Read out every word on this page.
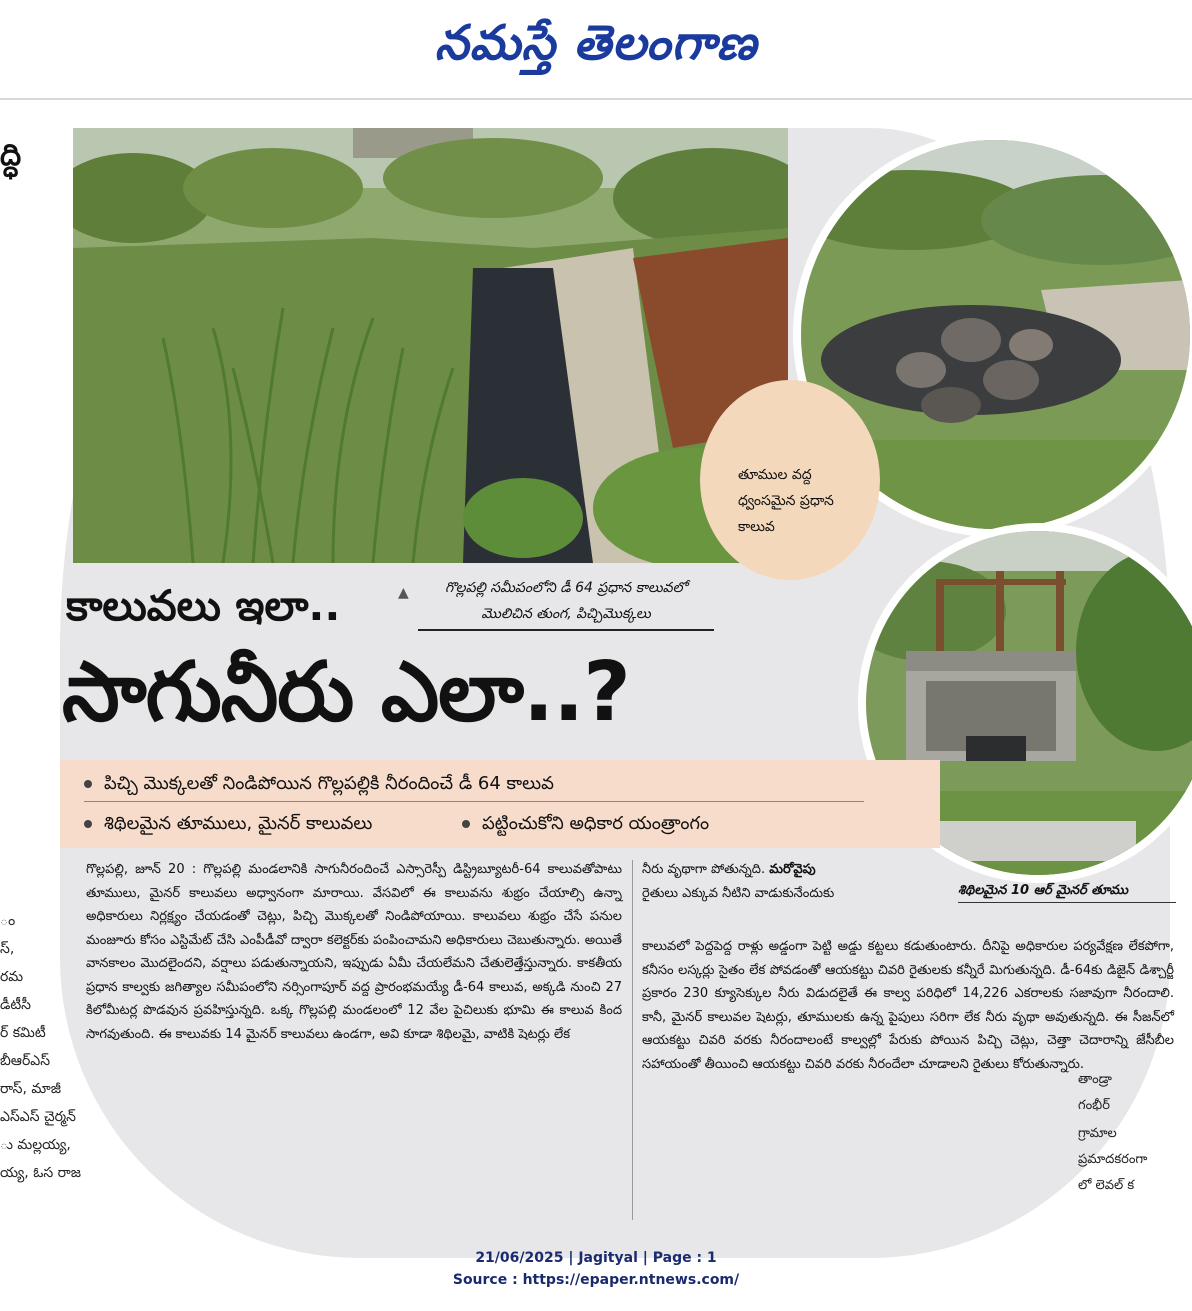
నమస్తే తెలంగాణ
ద్ధి
ం
స్,
రమ
డీటీసీ
ర్ కమిటీ
బీఆర్ఎస్
రాస్, మాజీ
ఎస్ఎస్ చైర్మన్
ు మల్లయ్య,
య్య, ఓస రాజ
తూముల వద్ద ధ్వంసమైన ప్రధాన కాలువ
▲	గొల్లపల్లి సమీపంలోని డీ 64 ప్రధాన కాలువలో మొలిచిన తుంగ, పిచ్చిమొక్కలు
కాలువలు ఇలా..
సాగునీరు ఎలా..?
పిచ్చి మొక్కలతో నిండిపోయిన గొల్లపల్లికి నీరందించే డీ 64 కాలువ
శిథిలమైన తూములు, మైనర్ కాలువలు	పట్టించుకోని అధికార యంత్రాంగం
గొల్లపల్లి, జూన్ 20 : గొల్లపల్లి మండలానికి సాగునీరందించే ఎస్సారెస్పీ డిస్ట్రిబ్యూటరీ-64 కాలువతోపాటు తూములు, మైనర్ కాలువలు అధ్వానంగా మారాయి. వేసవిలో ఈ కాలువను శుభ్రం చేయాల్సి ఉన్నా అధికారులు నిర్లక్ష్యం చేయడంతో చెట్లు, పిచ్చి మొక్కలతో నిండిపోయాయి. కాలువలు శుభ్రం చేసే పనుల మంజూరు కోసం ఎస్టిమేట్ చేసి ఎంపీడీవో ద్వారా కలెక్టర్‌కు పంపించామని అధికారులు చెబుతున్నారు. అయితే వానకాలం మొదలైందని, వర్షాలు పడుతున్నాయని, ఇప్పుడు ఏమీ చేయలేమని చేతులెత్తేస్తున్నారు. కాకతీయ ప్రధాన కాల్వకు జగిత్యాల సమీపంలోని నర్సింగాపూర్ వద్ద ప్రారంభమయ్యే డీ-64 కాలువ, అక్కడి నుంచి 27 కిలోమీటర్ల పొడవున ప్రవహిస్తున్నది. ఒక్క గొల్లపల్లి మండలంలో 12 వేల పైచిలుకు భూమి ఈ కాలువ కింద సాగవుతుంది. ఈ కాలువకు 14 మైనర్ కాలువలు ఉండగా, అవి కూడా శిథిలమై, వాటికి షెటర్లు లేక
నీరు వృథాగా పోతున్నది. మరోవైపు
రైతులు ఎక్కువ నీటిని వాడుకునేందుకు
కాలువలో పెద్దపెద్ద రాళ్లు అడ్డంగా పెట్టి అడ్డు కట్టలు కడుతుంటారు. దీనిపై అధికారుల పర్యవేక్షణ లేకపోగా, కనీసం లస్కర్లు సైతం లేక పోవడంతో ఆయకట్టు చివరి రైతులకు కన్నీరే మిగుతున్నది. డీ-64కు డిజైన్ డిశ్చార్జీ ప్రకారం 230 క్యూసెక్కుల నీరు విడుదలైతే ఈ కాల్వ పరిధిలో 14,226 ఎకరాలకు సజావుగా నీరందాలి. కానీ, మైనర్ కాలువల షెటర్లు, తూములకు ఉన్న పైపులు సరిగా లేక నీరు వృథా అవుతున్నది. ఈ సీజన్‌లో ఆయకట్టు చివరి వరకు నీరందాలంటే కాల్వల్లో పేరుకు పోయిన పిచ్చి చెట్లు, చెత్తా చెదారాన్ని జేసీబీల సహాయంతో తీయించి ఆయకట్టు చివరి వరకు నీరందేలా చూడాలని రైతులు కోరుతున్నారు.
శిథిలమైన 10 ఆర్ మైనర్ తూము
తాండ్రా
గంభీర్
గ్రామాల
ప్రమాదకరంగా
లో లెవల్ క
21/06/2025 | Jagityal | Page : 1
Source : https://epaper.ntnews.com/
